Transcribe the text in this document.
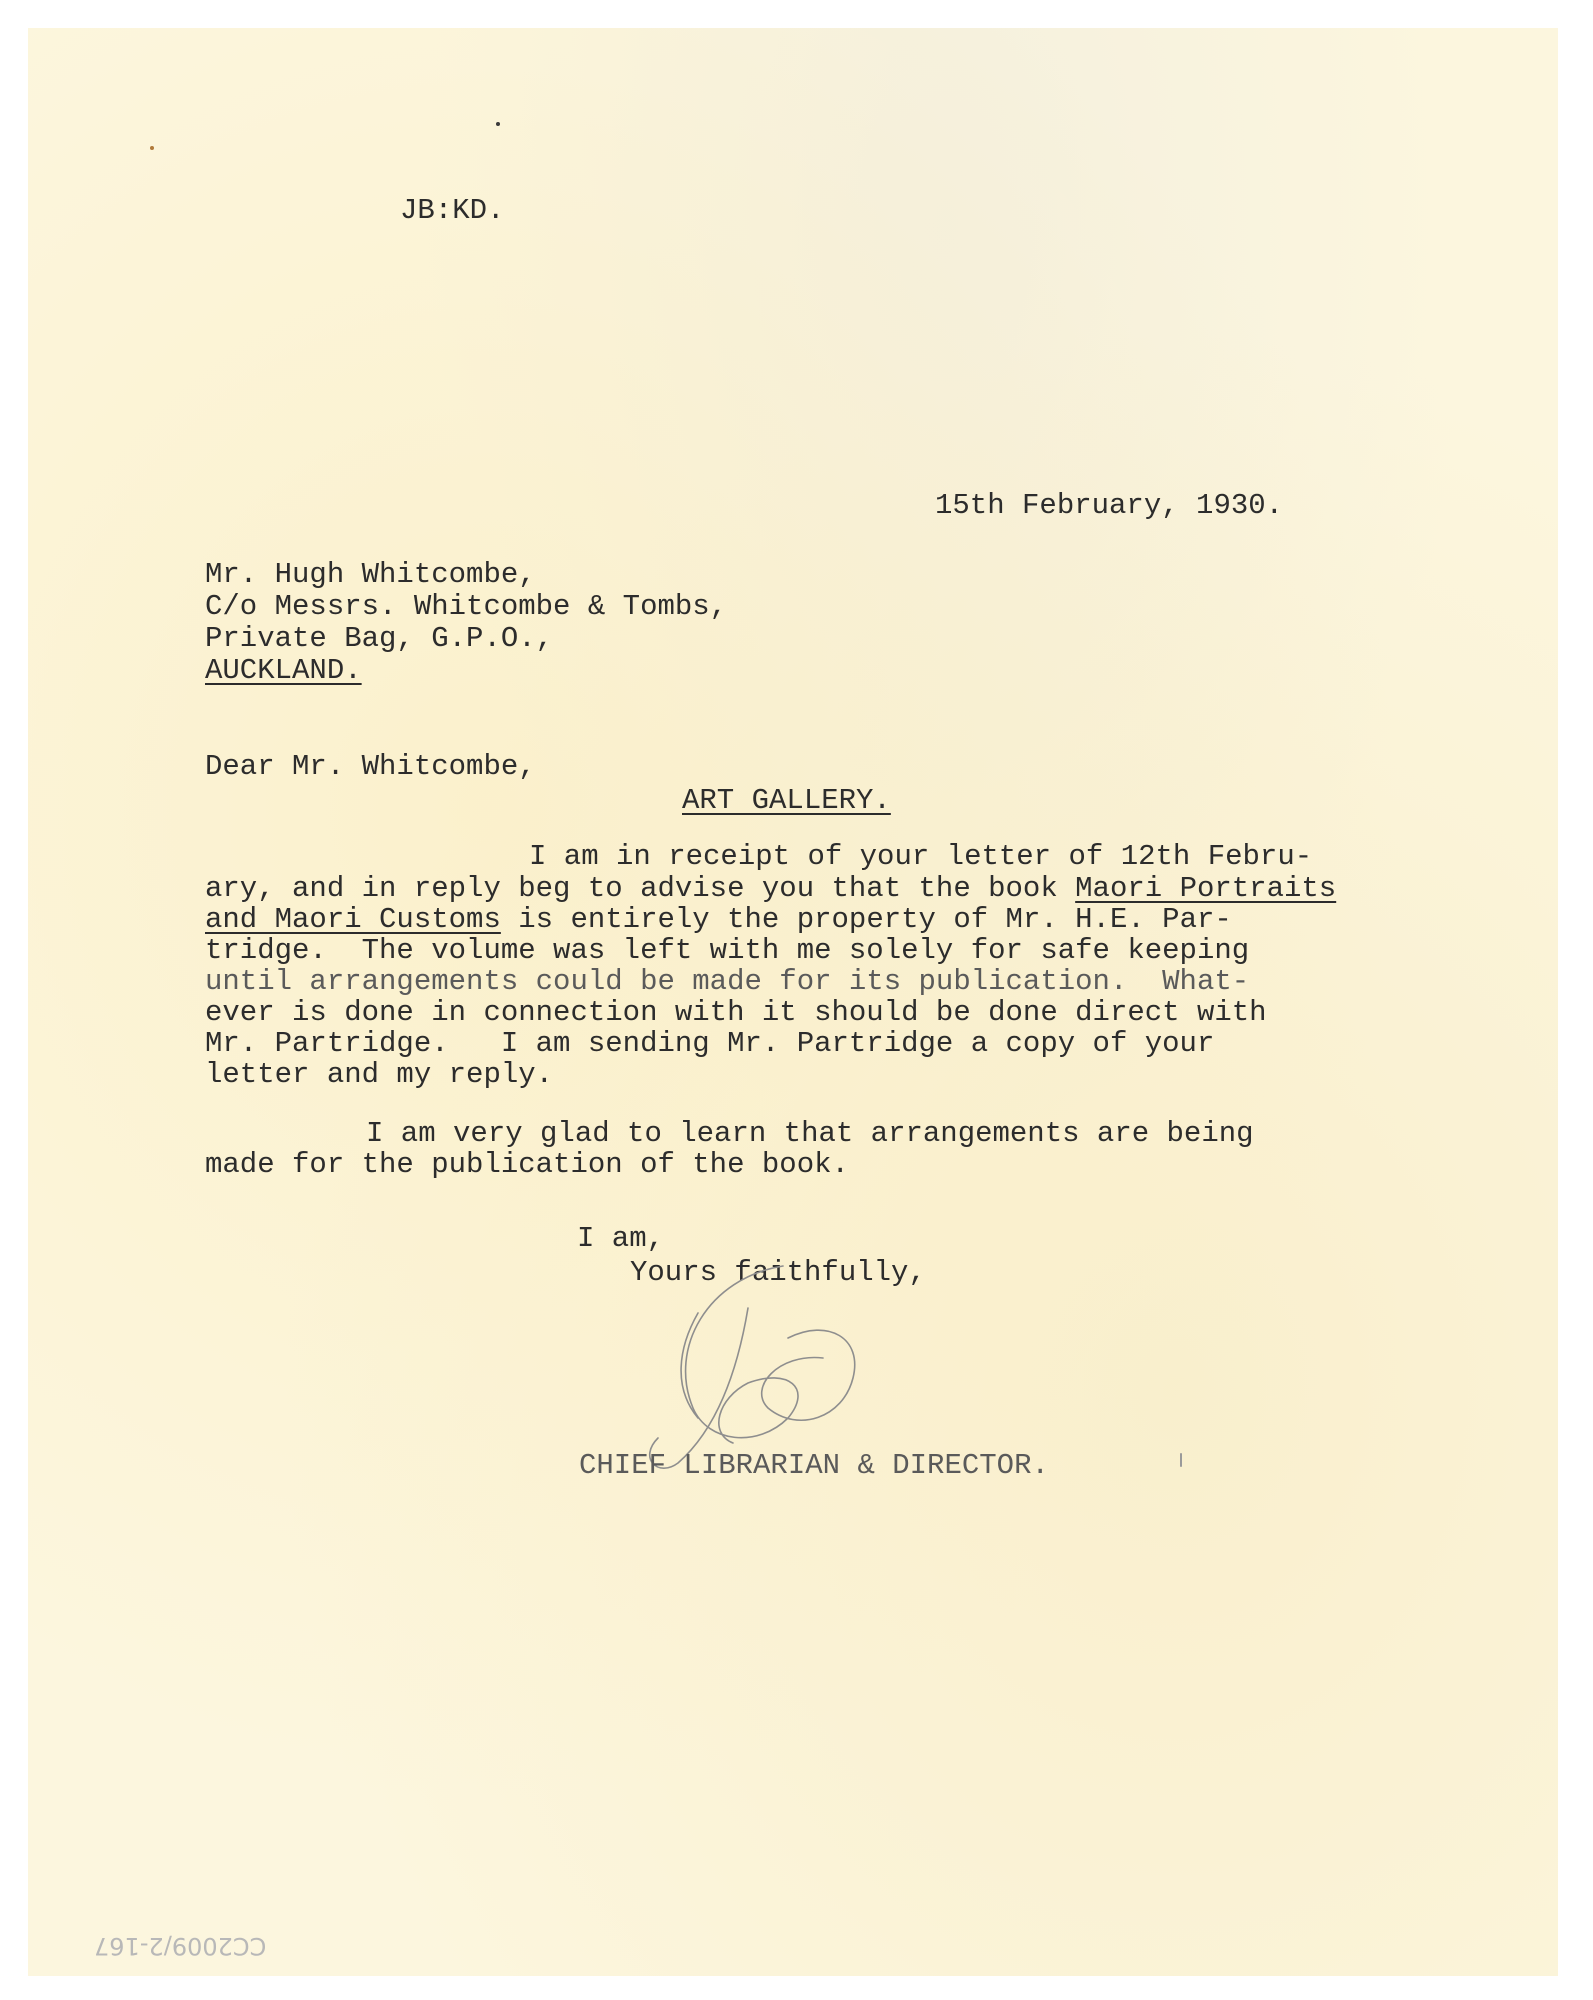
JB:KD.

15th February, 1930.

Mr. Hugh Whitcombe,

C/o Messrs. Whitcombe & Tombs,

Private Bag, G.P.O.,

AUCKLAND.

Dear Mr. Whitcombe,

ART GALLERY.

I am in receipt of your letter of 12th Febru-

ary, and in reply beg to advise you that the book Maori Portraits

and Maori Customs is entirely the property of Mr. H.E. Par-

tridge.  The volume was left with me solely for safe keeping

until arrangements could be made for its publication.  What-

ever is done in connection with it should be done direct with

Mr. Partridge.   I am sending Mr. Partridge a copy of your

letter and my reply.

I am very glad to learn that arrangements are being

made for the publication of the book.

I am,

Yours faithfully,

CHIEF LIBRARIAN & DIRECTOR.

CC2009/2-167
